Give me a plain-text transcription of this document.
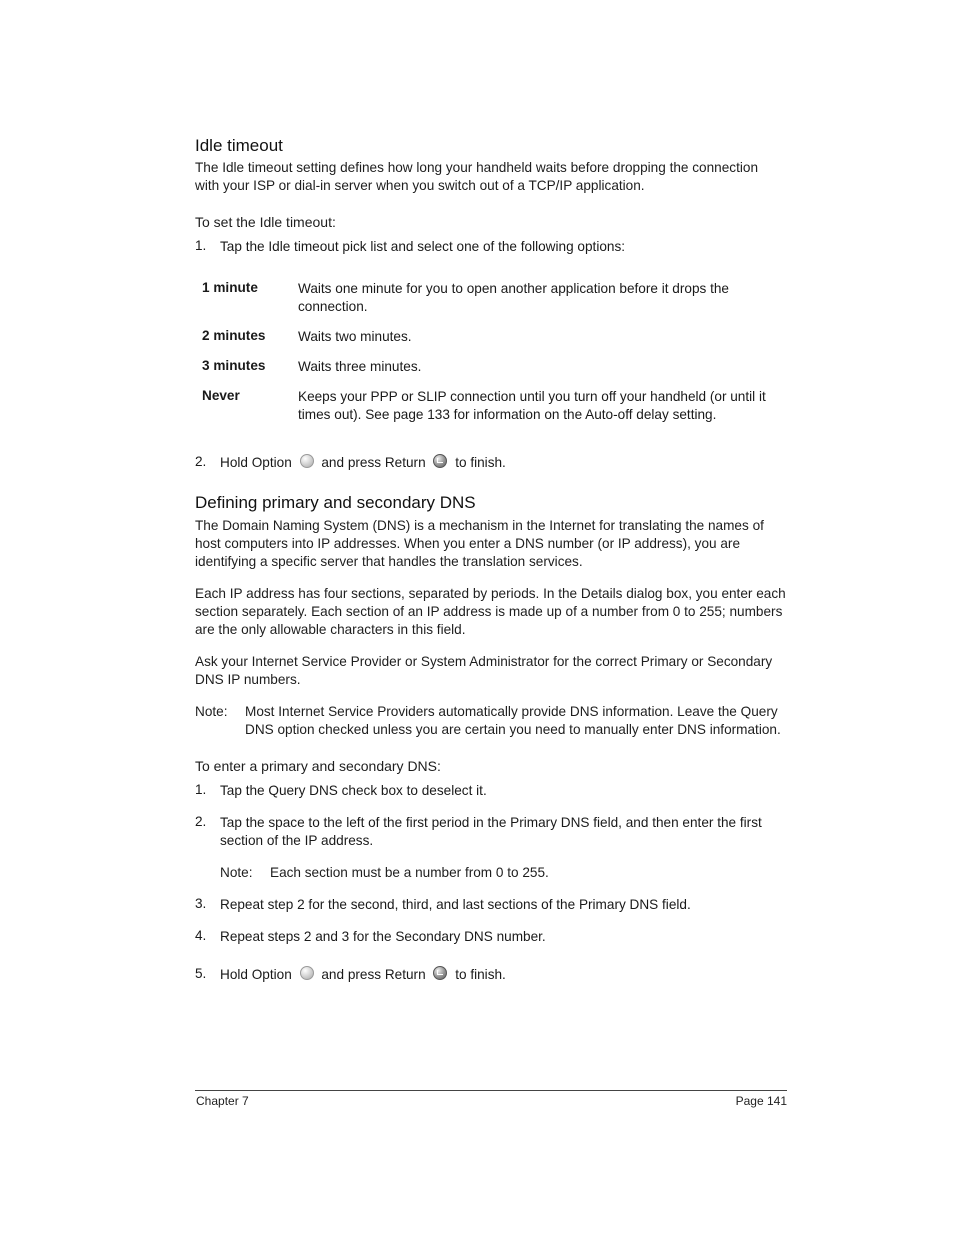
Idle timeout
The Idle timeout setting defines how long your handheld waits before dropping the connection
with your ISP or dial-in server when you switch out of a TCP/IP application.
To set the Idle timeout:
1. Tap the Idle timeout pick list and select one of the following options:
1 minute	Waits one minute for you to open another application before it drops the
connection.
2 minutes Waits two minutes.
3 minutes Waits three minutes.
Never	Keeps your PPP or SLIP connection until you turn off your handheld (or until it
times out). See page 133 for information on the Auto-off delay setting.
2. Hold Option and press Return to finish.
Defining primary and secondary DNS
The Domain Naming System (DNS) is a mechanism in the Internet for translating the names of
host computers into IP addresses. When you enter a DNS number (or IP address), you are
identifying a specific server that handles the translation services.
Each IP address has four sections, separated by periods. In the Details dialog box, you enter each
section separately. Each section of an IP address is made up of a number from 0 to 255; numbers
are the only allowable characters in this field.
Ask your Internet Service Provider or System Administrator for the correct Primary or Secondary
DNS IP numbers.
Note: Most Internet Service Providers automatically provide DNS information. Leave the Query
DNS option checked unless you are certain you need to manually enter DNS information.
To enter a primary and secondary DNS:
1. Tap the Query DNS check box to deselect it.
2. Tap the space to the left of the first period in the Primary DNS field, and then enter the first
section of the IP address.
Note: Each section must be a number from 0 to 255.
3. Repeat step 2 for the second, third, and last sections of the Primary DNS field.
4. Repeat steps 2 and 3 for the Secondary DNS number.
5. Hold Option and press Return to finish.
Chapter 7	Page 141
